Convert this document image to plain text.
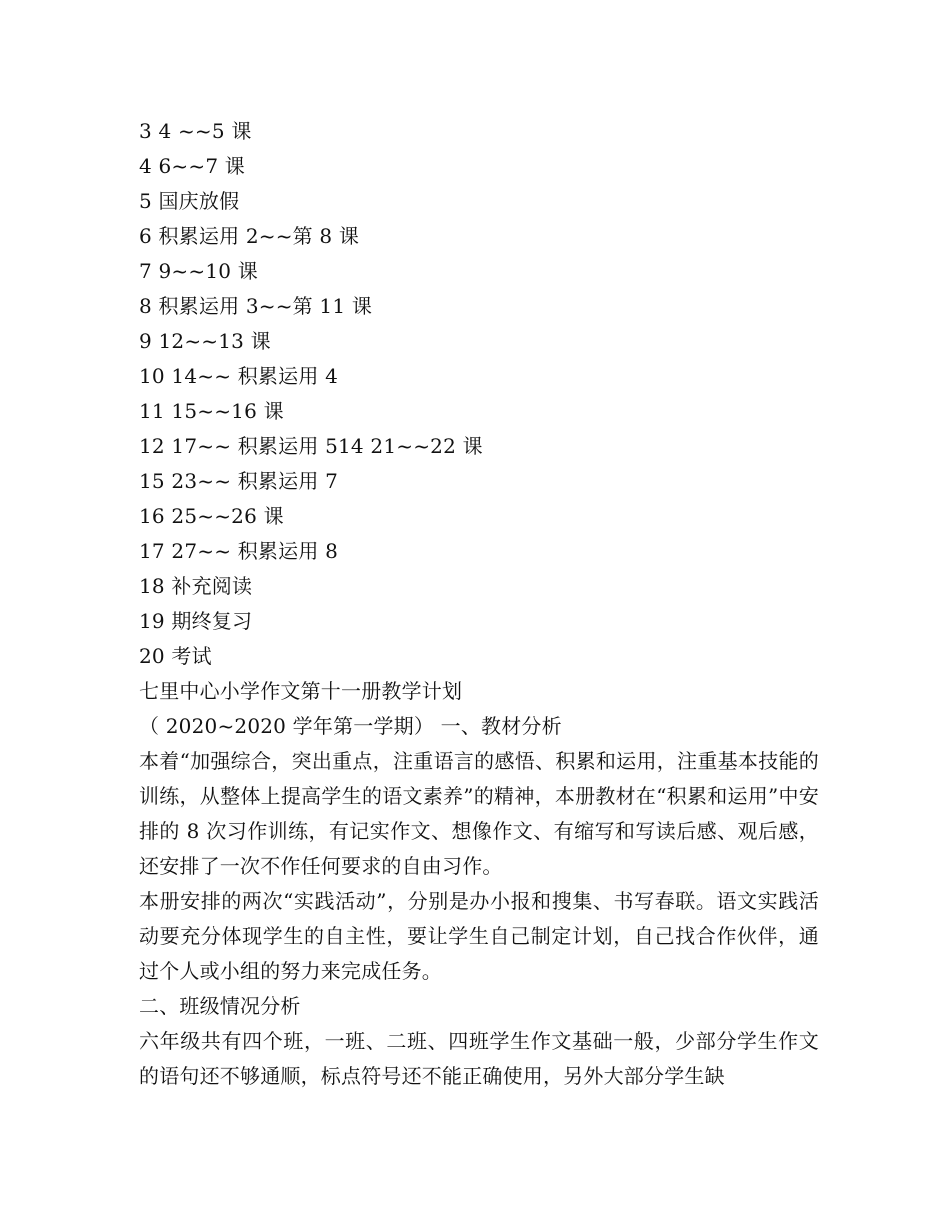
3 4 ~~5 课

4 6~~7 课

5 国庆放假

6 积累运用 2~~第 8 课

7 9~~10 课

8 积累运用 3~~第 11 课

9 12~~13 课

10 14~~ 积累运用 4

11 15~~16 课

12 17~~ 积累运用 514 21~~22 课

15 23~~ 积累运用 7

16 25~~26 课

17 27~~ 积累运用 8

18 补充阅读

19 期终复习

20 考试

七里中心小学作文第十一册教学计划

（ 2020~2020 学年第一学期） 一、教材分析

本着“加强综合，突出重点，注重语言的感悟、积累和运用，注重基本技能的训练，从整体上提高学生的语文素养”的精神，本册教材在“积累和运用”中安排的 8 次习作训练，有记实作文、想像作文、有缩写和写读后感、观后感，还安排了一次不作任何要求的自由习作。

本册安排的两次“实践活动”，分别是办小报和搜集、书写春联。语文实践活动要充分体现学生的自主性，要让学生自己制定计划，自己找合作伙伴，通过个人或小组的努力来完成任务。

二、班级情况分析

六年级共有四个班，一班、二班、四班学生作文基础一般，少部分学生作文的语句还不够通顺，标点符号还不能正确使用，另外大部分学生缺
